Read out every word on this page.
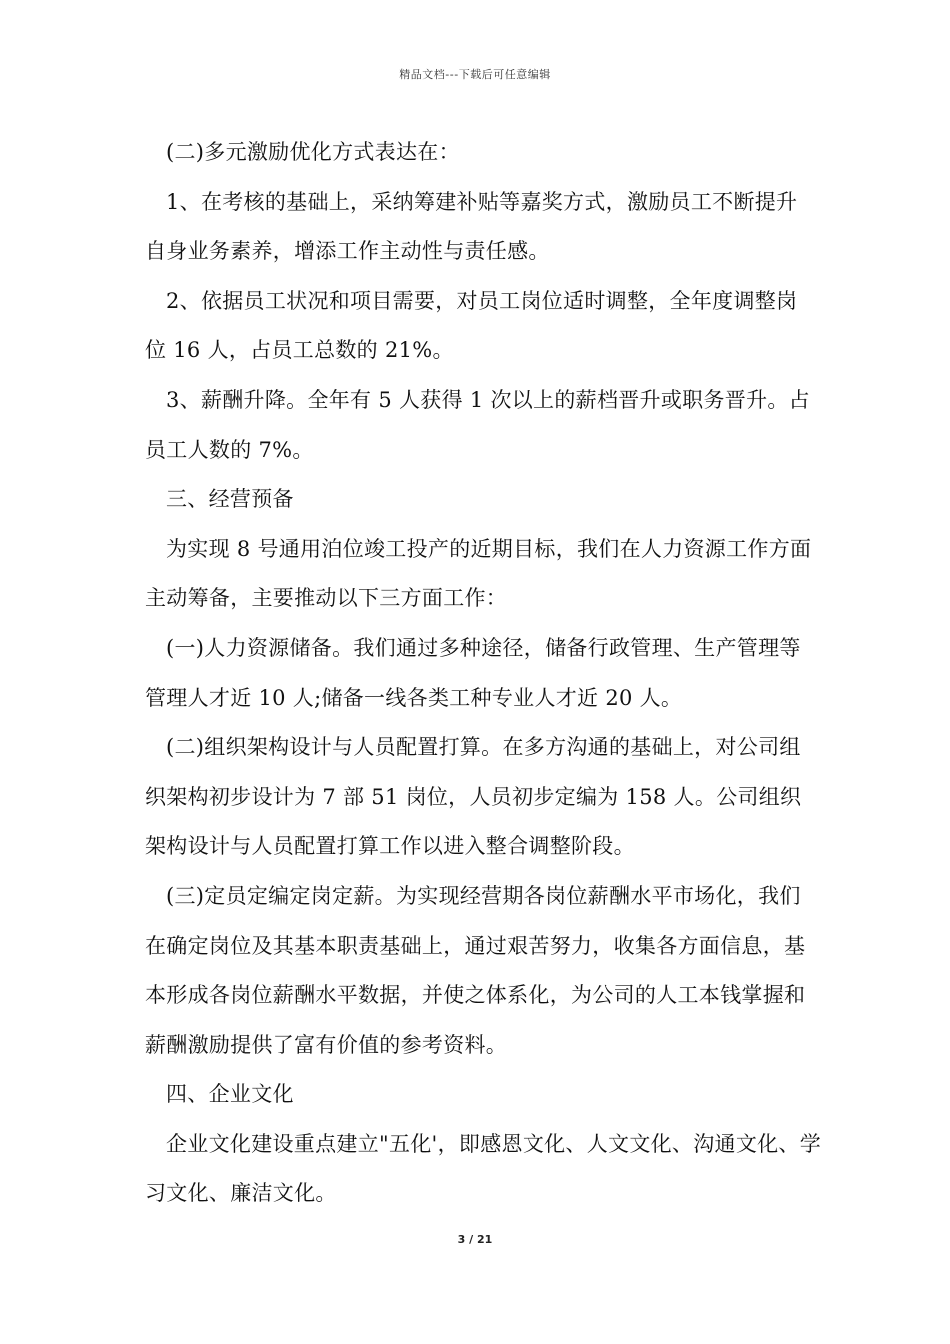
精品文档---下载后可任意编辑

(二)多元激励优化方式表达在：

1、在考核的基础上，采纳筹建补贴等嘉奖方式，激励员工不断提升自身业务素养，增添工作主动性与责任感。

2、依据员工状况和项目需要，对员工岗位适时调整，全年度调整岗位 16 人，占员工总数的 21%。

3、薪酬升降。全年有 5 人获得 1 次以上的薪档晋升或职务晋升。占员工人数的 7%。

三、经营预备

为实现 8 号通用泊位竣工投产的近期目标，我们在人力资源工作方面主动筹备，主要推动以下三方面工作：

(一)人力资源储备。我们通过多种途径，储备行政管理、生产管理等管理人才近 10 人;储备一线各类工种专业人才近 20 人。

(二)组织架构设计与人员配置打算。在多方沟通的基础上，对公司组织架构初步设计为 7 部 51 岗位，人员初步定编为 158 人。公司组织架构设计与人员配置打算工作以进入整合调整阶段。

(三)定员定编定岗定薪。为实现经营期各岗位薪酬水平市场化，我们在确定岗位及其基本职责基础上，通过艰苦努力，收集各方面信息，基本形成各岗位薪酬水平数据，并使之体系化，为公司的人工本钱掌握和薪酬激励提供了富有价值的参考资料。

四、企业文化

企业文化建设重点建立"五化'，即感恩文化、人文文化、沟通文化、学习文化、廉洁文化。

3 / 21
